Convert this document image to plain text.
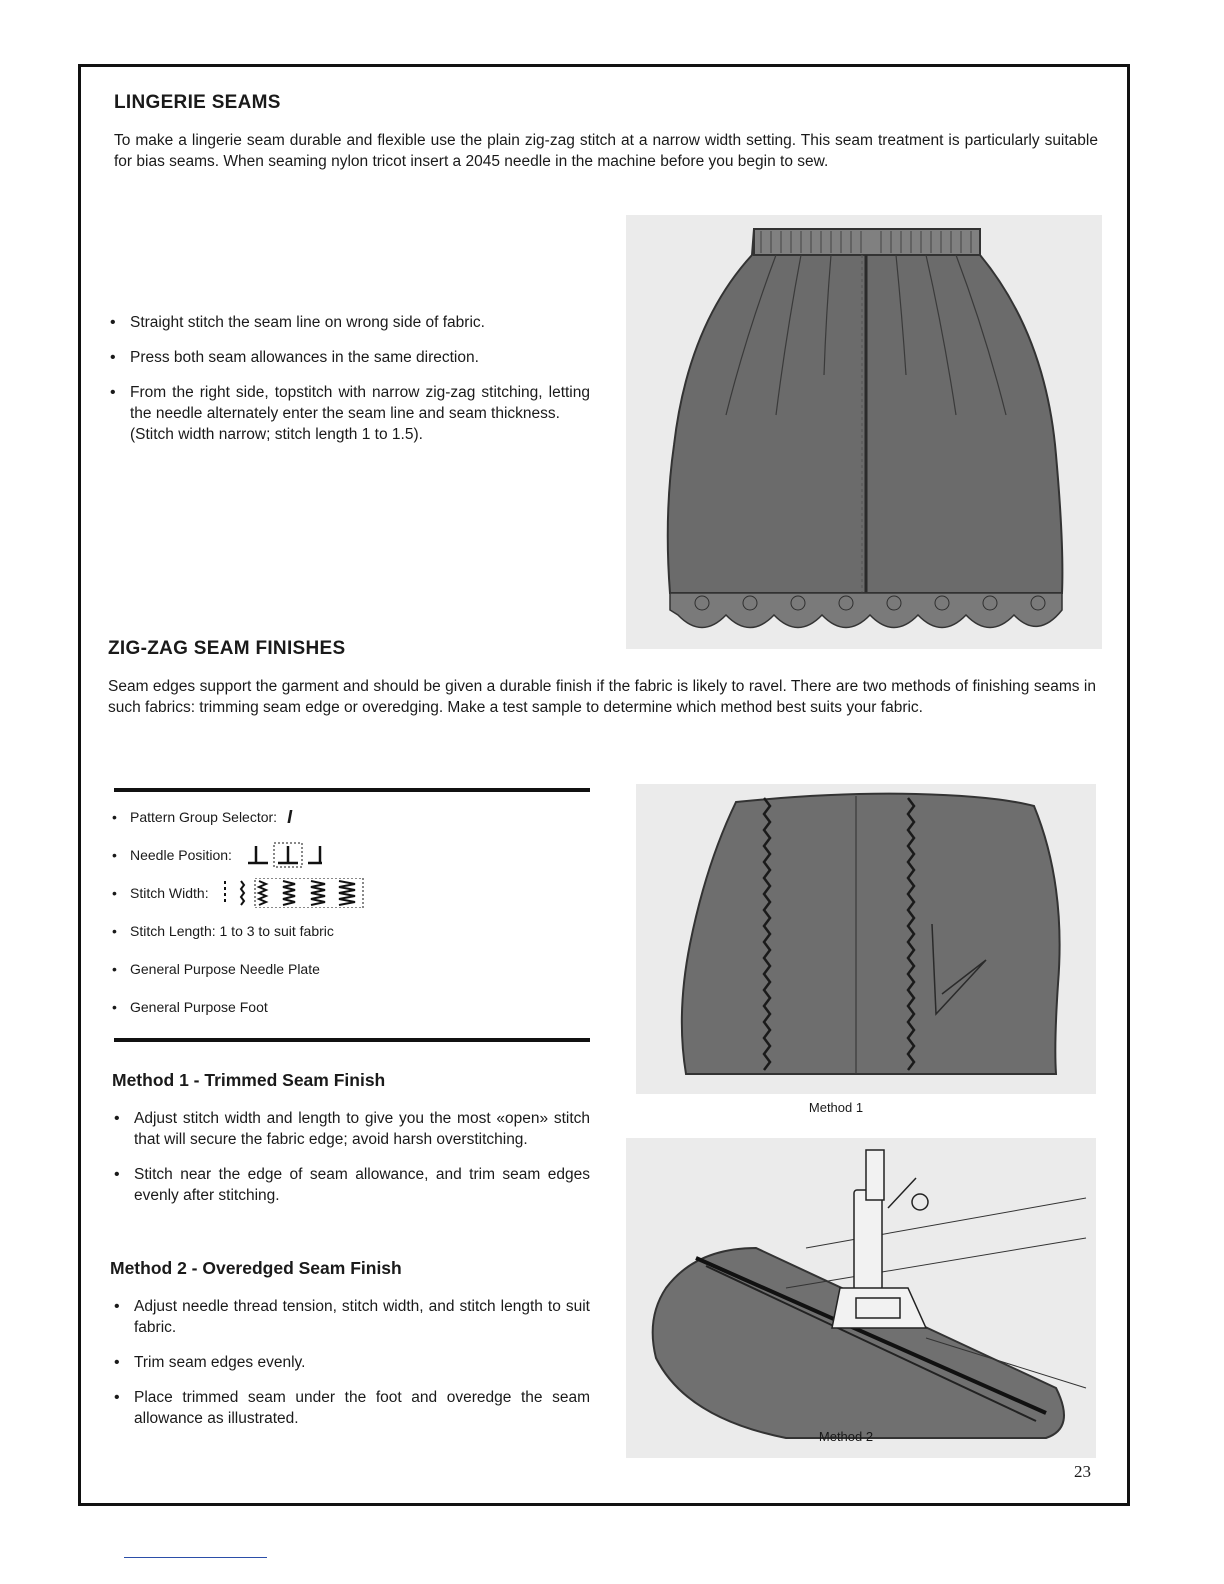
LINGERIE SEAMS

To make a lingerie seam durable and flexible use the plain zig-zag stitch at a narrow width setting. This seam treatment is particularly suitable for bias seams. When seaming nylon tricot insert a 2045 needle in the machine before you begin to sew.

• Straight stitch the seam line on wrong side of fabric.
• Press both seam allowances in the same direction.
• From the right side, topstitch with narrow zig-zag stitching, letting the needle alternately enter the seam line and seam thickness.
(Stitch width narrow; stitch length 1 to 1.5).
ZIG-ZAG SEAM FINISHES

Seam edges support the garment and should be given a durable finish if the fabric is likely to ravel. There are two methods of finishing seams in such fabrics: trimming seam edge or overedging. Make a test sample to determine which method best suits your fabric.

• Pattern Group Selector: I
• Needle Position:
• Stitch Width:
• Stitch Length: 1 to 3 to suit fabric
• General Purpose Needle Plate
• General Purpose Foot
Method 1 - Trimmed Seam Finish
• Adjust stitch width and length to give you the most «open» stitch that will secure the fabric edge; avoid harsh overstitching.
• Stitch near the edge of seam allowance, and trim seam edges evenly after stitching.
Method 2 - Overedged Seam Finish
• Adjust needle thread tension, stitch width, and stitch length to suit fabric.
• Trim seam edges evenly.
• Place trimmed seam under the foot and overedge the seam allowance as illustrated.
Method 1
Method 2
23
